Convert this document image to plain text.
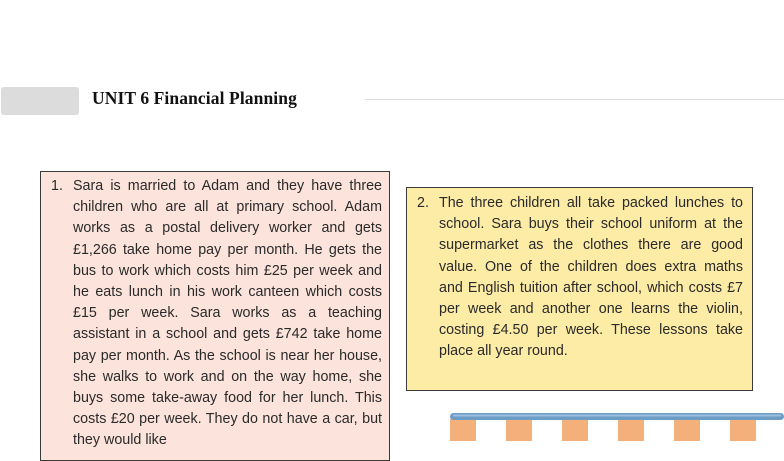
UNIT 6 Financial Planning
1. Sara is married to Adam and they have three children who are all at primary school. Adam works as a postal delivery worker and gets £1,266 take home pay per month. He gets the bus to work which costs him £25 per week and he eats lunch in his work canteen which costs £15 per week. Sara works as a teaching assistant in a school and gets £742 take home pay per month. As the school is near her house, she walks to work and on the way home, she buys some take-away food for her lunch. This costs £20 per week. They do not have a car, but they would like
2. The three children all take packed lunches to school. Sara buys their school uniform at the supermarket as the clothes there are good value. One of the children does extra maths and English tuition after school, which costs £7 per week and another one learns the violin, costing £4.50 per week. These lessons take place all year round.
